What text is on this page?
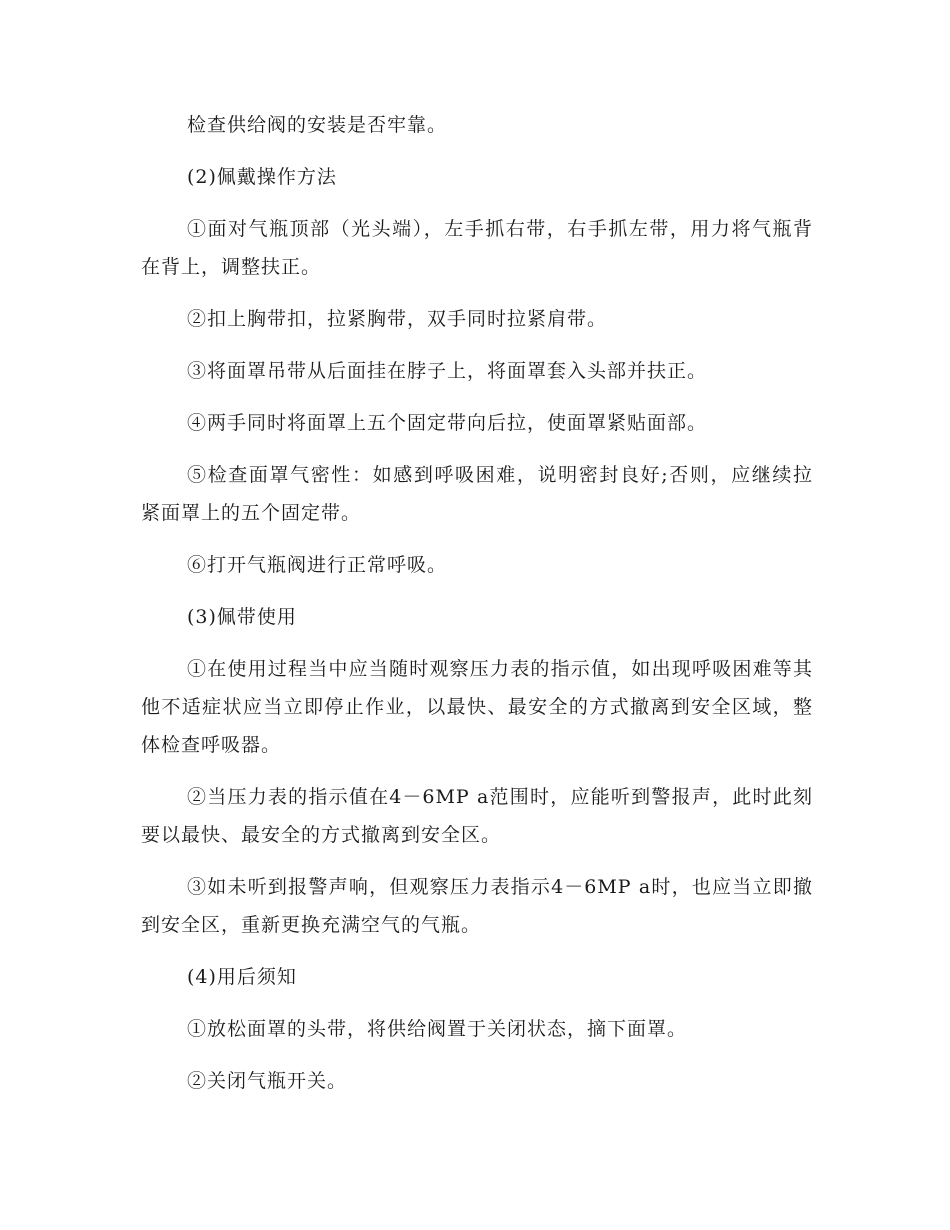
检查供给阀的安装是否牢靠。

(2)佩戴操作方法

①面对气瓶顶部（光头端），左手抓右带，右手抓左带，用力将气瓶背在背上，调整扶正。

②扣上胸带扣，拉紧胸带，双手同时拉紧肩带。

③将面罩吊带从后面挂在脖子上，将面罩套入头部并扶正。

④两手同时将面罩上五个固定带向后拉，使面罩紧贴面部。

⑤检查面罩气密性：如感到呼吸困难，说明密封良好;否则，应继续拉紧面罩上的五个固定带。

⑥打开气瓶阀进行正常呼吸。

(3)佩带使用

①在使用过程当中应当随时观察压力表的指示值，如出现呼吸困难等其他不适症状应当立即停止作业，以最快、最安全的方式撤离到安全区域，整体检查呼吸器。

②当压力表的指示值在4－6MP a范围时，应能听到警报声，此时此刻要以最快、最安全的方式撤离到安全区。

③如未听到报警声响，但观察压力表指示4－6MP a时，也应当立即撤到安全区，重新更换充满空气的气瓶。

(4)用后须知

①放松面罩的头带，将供给阀置于关闭状态，摘下面罩。

②关闭气瓶开关。
